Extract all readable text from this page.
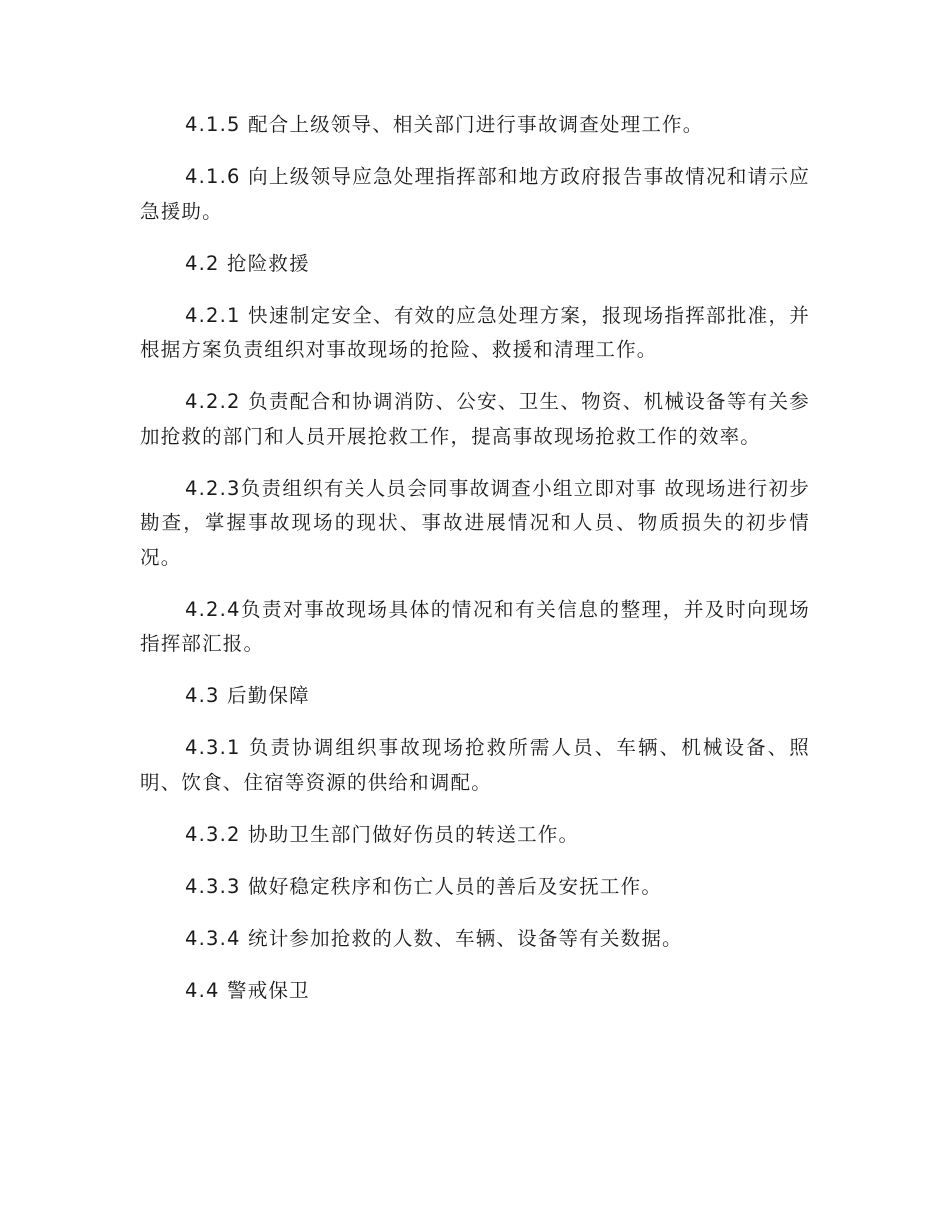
4.1.5 配合上级领导、相关部门进行事故调查处理工作。

4.1.6 向上级领导应急处理指挥部和地方政府报告事故情况和请示应急援助。

4.2 抢险救援

4.2.1 快速制定安全、有效的应急处理方案，报现场指挥部批准，并根据方案负责组织对事故现场的抢险、救援和清理工作。

4.2.2 负责配合和协调消防、公安、卫生、物资、机械设备等有关参加抢救的部门和人员开展抢救工作，提高事故现场抢救工作的效率。

4.2.3负责组织有关人员会同事故调查小组立即对事 故现场进行初步勘查，掌握事故现场的现状、事故进展情况和人员、物质损失的初步情况。

4.2.4负责对事故现场具体的情况和有关信息的整理，并及时向现场指挥部汇报。

4.3 后勤保障

4.3.1 负责协调组织事故现场抢救所需人员、车辆、机械设备、照明、饮食、住宿等资源的供给和调配。

4.3.2 协助卫生部门做好伤员的转送工作。

4.3.3 做好稳定秩序和伤亡人员的善后及安抚工作。

4.3.4 统计参加抢救的人数、车辆、设备等有关数据。

4.4 警戒保卫
